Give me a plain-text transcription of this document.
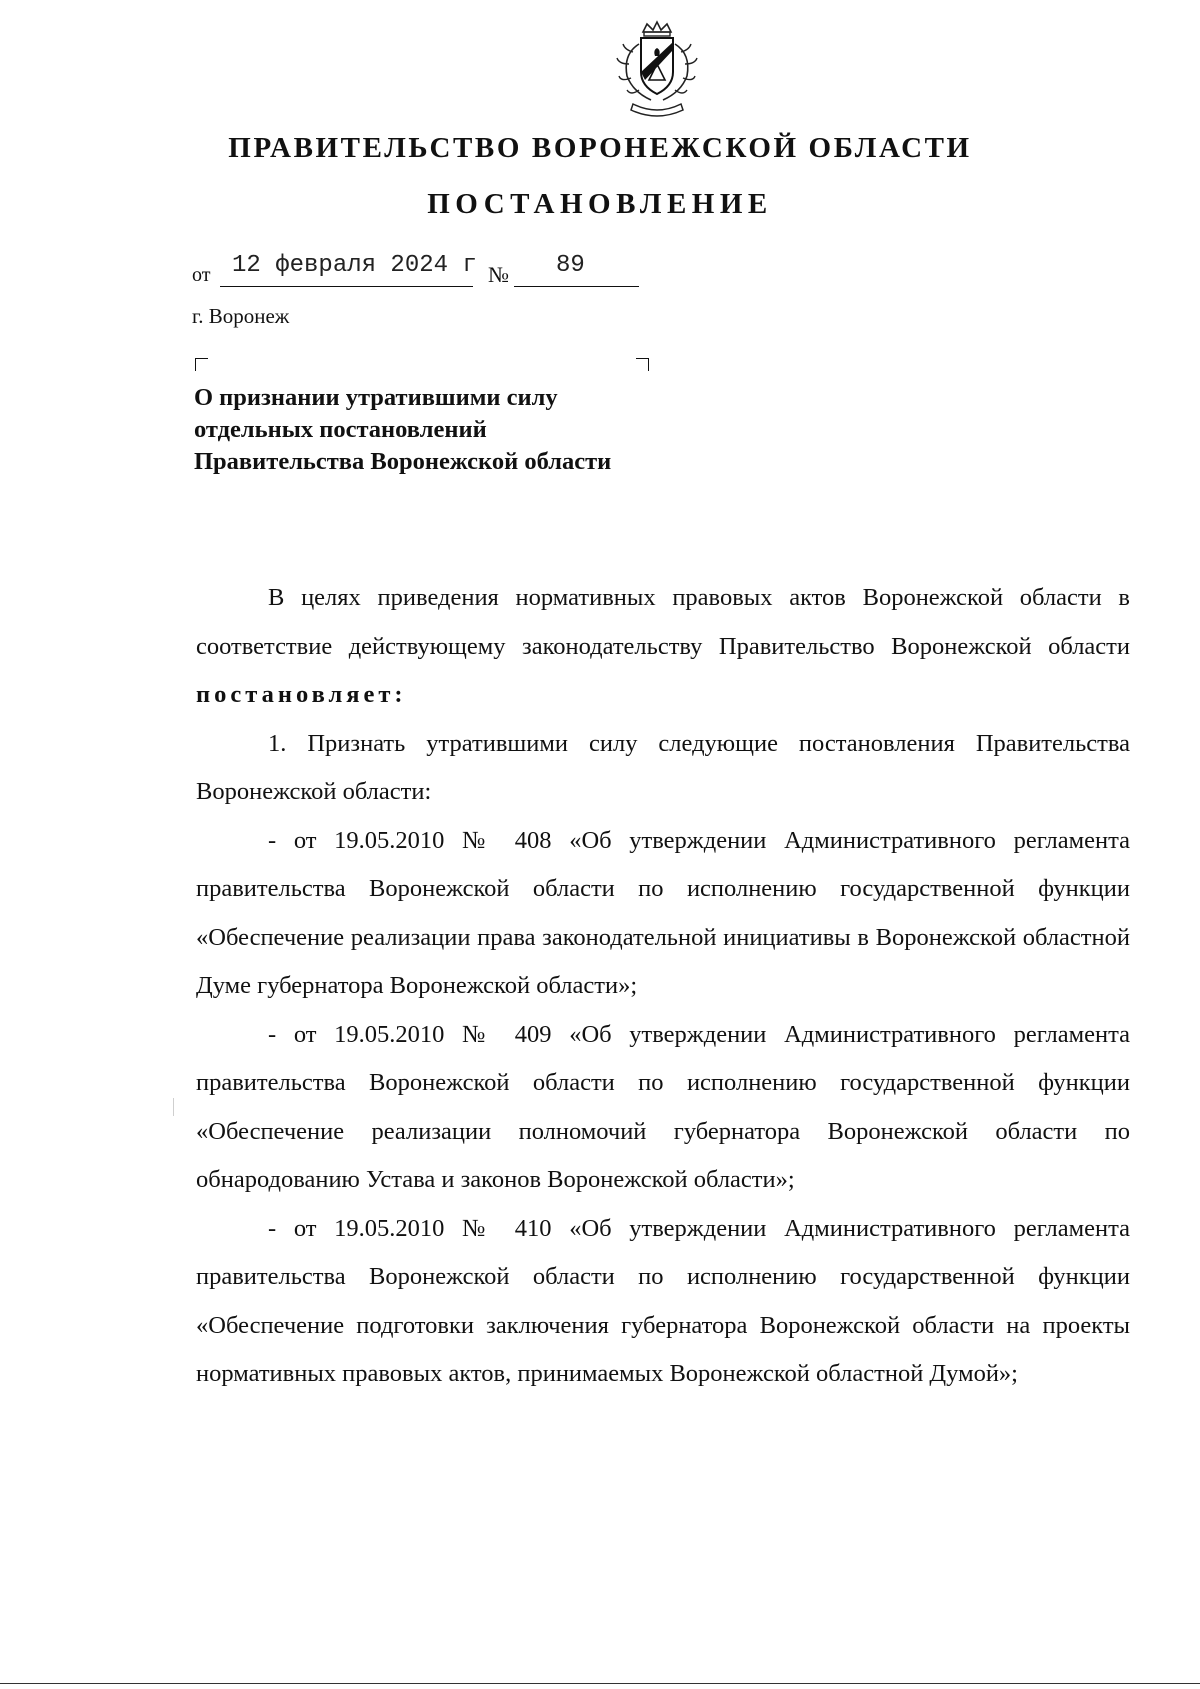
ПРАВИТЕЛЬСТВО ВОРОНЕЖСКОЙ ОБЛАСТИ
ПОСТАНОВЛЕНИЕ
от 12 февраля 2024 г № 89
г. Воронеж
О признании утратившими силу
отдельных постановлений
Правительства Воронежской области

В целях приведения нормативных правовых актов Воронежской области в соответствие действующему законодательству Правительство Воронежской области постановляет:

1. Признать утратившими силу следующие постановления Правительства Воронежской области:

- от 19.05.2010 № 408 «Об утверждении Административного регламента правительства Воронежской области по исполнению государственной функции «Обеспечение реализации права законодательной инициативы в Воронежской областной Думе губернатора Воронежской области»;

- от 19.05.2010 № 409 «Об утверждении Административного регламента правительства Воронежской области по исполнению государственной функции «Обеспечение реализации полномочий губернатора Воронежской области по обнародованию Устава и законов Воронежской области»;

- от 19.05.2010 № 410 «Об утверждении Административного регламента правительства Воронежской области по исполнению государственной функции «Обеспечение подготовки заключения губернатора Воронежской области на проекты нормативных правовых актов, принимаемых Воронежской областной Думой»;
